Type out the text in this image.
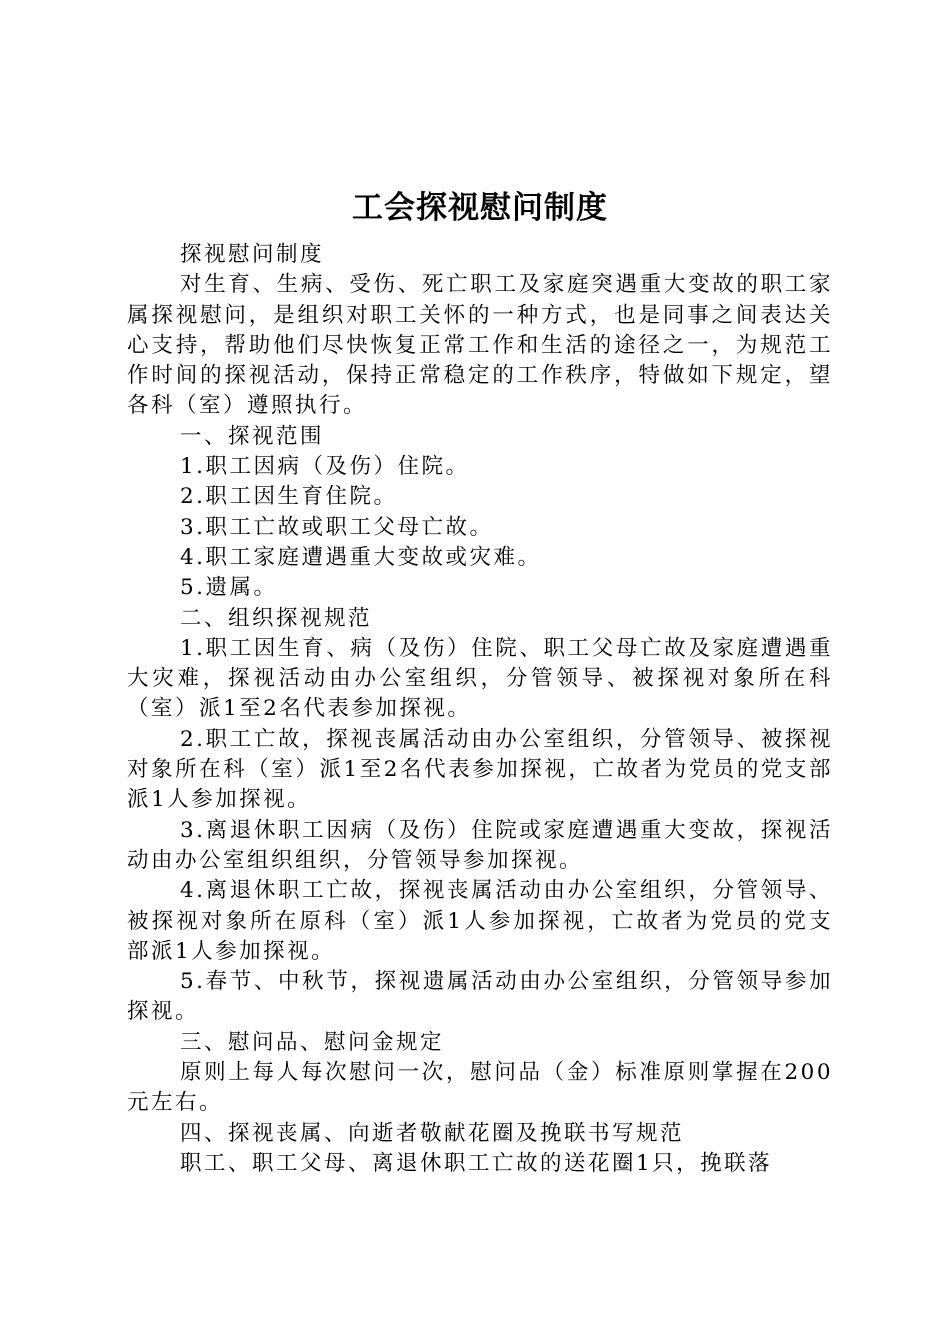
工会探视慰问制度

探视慰问制度

对生育、生病、受伤、死亡职工及家庭突遇重大变故的职工家属探视慰问，是组织对职工关怀的一种方式，也是同事之间表达关心支持，帮助他们尽快恢复正常工作和生活的途径之一，为规范工作时间的探视活动，保持正常稳定的工作秩序，特做如下规定，望各科（室）遵照执行。

一、探视范围

1.职工因病（及伤）住院。

2.职工因生育住院。

3.职工亡故或职工父母亡故。

4.职工家庭遭遇重大变故或灾难。

5.遗属。

二、组织探视规范

1.职工因生育、病（及伤）住院、职工父母亡故及家庭遭遇重大灾难，探视活动由办公室组织，分管领导、被探视对象所在科（室）派1至2名代表参加探视。

2.职工亡故，探视丧属活动由办公室组织，分管领导、被探视对象所在科（室）派1至2名代表参加探视，亡故者为党员的党支部派1人参加探视。

3.离退休职工因病（及伤）住院或家庭遭遇重大变故，探视活动由办公室组织组织，分管领导参加探视。

4.离退休职工亡故，探视丧属活动由办公室组织，分管领导、被探视对象所在原科（室）派1人参加探视，亡故者为党员的党支部派1人参加探视。

5.春节、中秋节，探视遗属活动由办公室组织，分管领导参加探视。

三、慰问品、慰问金规定

原则上每人每次慰问一次，慰问品（金）标准原则掌握在200元左右。

四、探视丧属、向逝者敬献花圈及挽联书写规范

职工、职工父母、离退休职工亡故的送花圈1只，挽联落
